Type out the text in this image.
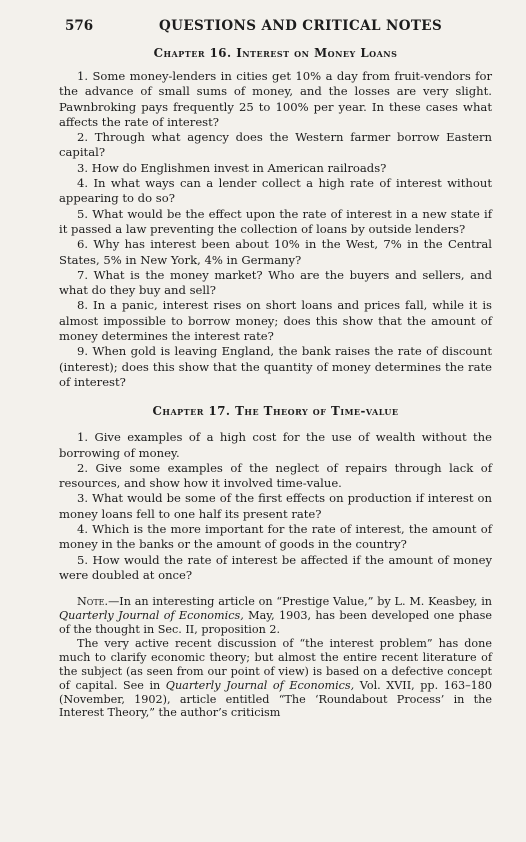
576	QUESTIONS AND CRITICAL NOTES
Chapter 16. Interest on Money Loans

1. Some money-lenders in cities get 10% a day from fruit-vendors for the advance of small sums of money, and the losses are very slight. Pawnbroking pays frequently 25 to 100% per year. In these cases what affects the rate of interest?

2. Through what agency does the Western farmer borrow Eastern capital?

3. How do Englishmen invest in American railroads?

4. In what ways can a lender collect a high rate of interest without appearing to do so?

5. What would be the effect upon the rate of interest in a new state if it passed a law preventing the collection of loans by outside lenders?

6. Why has interest been about 10% in the West, 7% in the Central States, 5% in New York, 4% in Germany?

7. What is the money market? Who are the buyers and sellers, and what do they buy and sell?

8. In a panic, interest rises on short loans and prices fall, while it is almost impossible to borrow money; does this show that the amount of money determines the interest rate?

9. When gold is leaving England, the bank raises the rate of discount (interest); does this show that the quantity of money determines the rate of interest?

Chapter 17. The Theory of Time-value

1. Give examples of a high cost for the use of wealth without the borrowing of money.

2. Give some examples of the neglect of repairs through lack of resources, and show how it involved time-value.

3. What would be some of the first effects on production if interest on money loans fell to one half its present rate?

4. Which is the more important for the rate of interest, the amount of money in the banks or the amount of goods in the country?

5. How would the rate of interest be affected if the amount of money were doubled at once?

Note.—In an interesting article on “Prestige Value,” by L. M. Keasbey, in Quarterly Journal of Economics, May, 1903, has been developed one phase of the thought in Sec. II, proposition 2.

The very active recent discussion of “the interest problem” has done much to clarify economic theory; but almost the entire recent literature of the subject (as seen from our point of view) is based on a defective concept of capital. See in Quarterly Journal of Economics, Vol. XVII, pp. 163–180 (November, 1902), article entitled “The ‘Roundabout Process’ in the Interest Theory,” the author’s criticism
